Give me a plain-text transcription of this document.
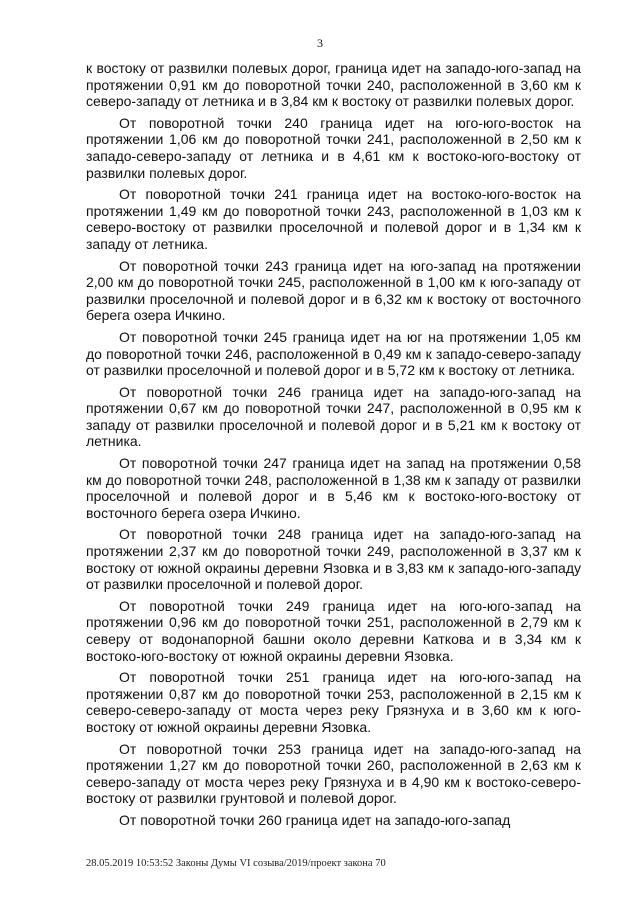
3

к востоку от развилки полевых дорог, граница идет на западо-юго-запад на протяжении 0,91 км до поворотной точки 240, расположенной в 3,60 км к северо-западу от летника и в 3,84 км к востоку от развилки полевых дорог.

От поворотной точки 240 граница идет на юго-юго-восток на протяжении 1,06 км до поворотной точки 241, расположенной в 2,50 км к западо-северо-западу от летника и в 4,61 км к востоко-юго-востоку от развилки полевых дорог.

От поворотной точки 241 граница идет на востоко-юго-восток на протяжении 1,49 км до поворотной точки 243, расположенной в 1,03 км к северо-востоку от развилки проселочной и полевой дорог и в 1,34 км к западу от летника.

От поворотной точки 243 граница идет на юго-запад на протяжении 2,00 км до поворотной точки 245, расположенной в 1,00 км к юго-западу от развилки проселочной и полевой дорог и в 6,32 км к востоку от восточного берега озера Ичкино.

От поворотной точки 245 граница идет на юг на протяжении 1,05 км до поворотной точки 246, расположенной в 0,49 км к западо-северо-западу от развилки проселочной и полевой дорог и в 5,72 км к востоку от летника.

От поворотной точки 246 граница идет на западо-юго-запад на протяжении 0,67 км до поворотной точки 247, расположенной в 0,95 км к западу от развилки проселочной и полевой дорог и в 5,21 км к востоку от летника.

От поворотной точки 247 граница идет на запад на протяжении 0,58 км до поворотной точки 248, расположенной в 1,38 км к западу от развилки проселочной и полевой дорог и в 5,46 км к востоко-юго-востоку от восточного берега озера Ичкино.

От поворотной точки 248 граница идет на западо-юго-запад на протяжении 2,37 км до поворотной точки 249, расположенной в 3,37 км к востоку от южной окраины деревни Язовка и в 3,83 км к западо-юго-западу от развилки проселочной и полевой дорог.

От поворотной точки 249 граница идет на юго-юго-запад на протяжении 0,96 км до поворотной точки 251, расположенной в 2,79 км к северу от водонапорной башни около деревни Каткова и в 3,34 км к востоко-юго-востоку от южной окраины деревни Язовка.

От поворотной точки 251 граница идет на юго-юго-запад на протяжении 0,87 км до поворотной точки 253, расположенной в 2,15 км к северо-северо-западу от моста через реку Грязнуха и в 3,60 км к юго-востоку от южной окраины деревни Язовка.

От поворотной точки 253 граница идет на западо-юго-запад на протяжении 1,27 км до поворотной точки 260, расположенной в 2,63 км к северо-западу от моста через реку Грязнуха и в 4,90 км к востоко-северо-востоку от развилки грунтовой и полевой дорог.

От поворотной точки 260 граница идет на западо-юго-запад

28.05.2019 10:53:52 Законы Думы VI созыва/2019/проект закона 70
